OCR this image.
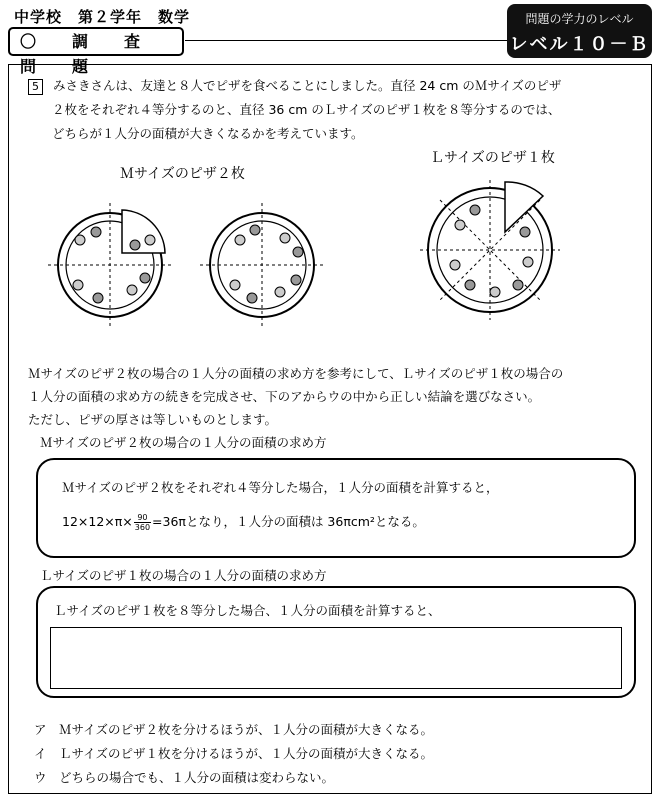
中学校　第２学年　数学
〇　調　査　問　題
問題の学力のレベル
レベル１０－Ｂ
5 みさきさんは、友達と８人でピザを食べることにしました。直径 24 cm のＭサイズのピザ
２枚をそれぞれ４等分するのと、直径 36 cm のＬサイズのピザ１枚を８等分するのでは、
どちらが１人分の面積が大きくなるかを考えています。
Ｍサイズのピザ２枚
Ｌサイズのピザ１枚
Ｍサイズのピザ２枚の場合の１人分の面積の求め方を参考にして、Ｌサイズのピザ１枚の場合の
１人分の面積の求め方の続きを完成させ、下のアからウの中から正しい結論を選びなさい。
ただし、ピザの厚さは等しいものとします。
Ｍサイズのピザ２枚の場合の１人分の面積の求め方
Ｍサイズのピザ２枚をそれぞれ４等分した場合，１人分の面積を計算すると，
$12\times 12\times\pi\times \frac{90}{360} =36\pi$となり，１人分の面積は 36πcm²となる。
Ｌサイズのピザ１枚の場合の１人分の面積の求め方
Ｌサイズのピザ１枚を８等分した場合、１人分の面積を計算すると、
ア　Ｍサイズのピザ２枚を分けるほうが、１人分の面積が大きくなる。
イ　Ｌサイズのピザ１枚を分けるほうが、１人分の面積が大きくなる。
ウ　どちらの場合でも、１人分の面積は変わらない。
